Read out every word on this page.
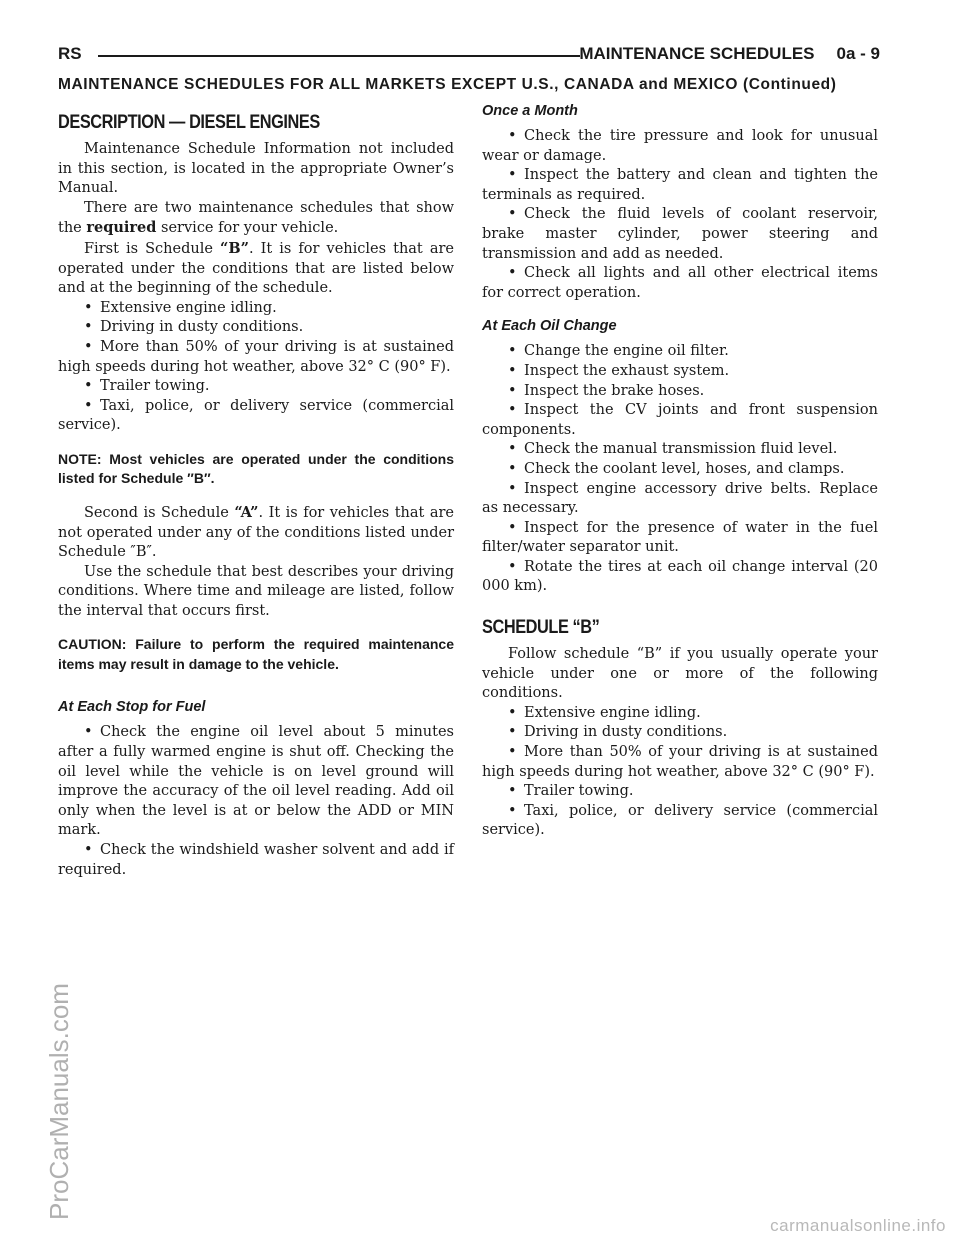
RS	MAINTENANCE SCHEDULES 0a - 9
MAINTENANCE SCHEDULES FOR ALL MARKETS EXCEPT U.S., CANADA and MEXICO (Continued)
DESCRIPTION — DIESEL ENGINES

Maintenance Schedule Information not included in this section, is located in the appropriate Owner’s Manual.

There are two maintenance schedules that show the required service for your vehicle.

First is Schedule “B”. It is for vehicles that are operated under the conditions that are listed below and at the beginning of the schedule.

• Extensive engine idling.

• Driving in dusty conditions.

• More than 50% of your driving is at sustained high speeds during hot weather, above 32° C (90° F).

• Trailer towing.

• Taxi, police, or delivery service (commercial service).

NOTE: Most vehicles are operated under the conditions listed for Schedule ″B″.

Second is Schedule “A”. It is for vehicles that are not operated under any of the conditions listed under Schedule ″B″.

Use the schedule that best describes your driving conditions. Where time and mileage are listed, follow the interval that occurs first.

CAUTION: Failure to perform the required maintenance items may result in damage to the vehicle.

At Each Stop for Fuel

• Check the engine oil level about 5 minutes after a fully warmed engine is shut off. Checking the oil level while the vehicle is on level ground will improve the accuracy of the oil level reading. Add oil only when the level is at or below the ADD or MIN mark.

• Check the windshield washer solvent and add if required.

Once a Month

• Check the tire pressure and look for unusual wear or damage.

• Inspect the battery and clean and tighten the terminals as required.

• Check the fluid levels of coolant reservoir, brake master cylinder, power steering and transmission and add as needed.

• Check all lights and all other electrical items for correct operation.

At Each Oil Change

• Change the engine oil filter.

• Inspect the exhaust system.

• Inspect the brake hoses.

• Inspect the CV joints and front suspension components.

• Check the manual transmission fluid level.

• Check the coolant level, hoses, and clamps.

• Inspect engine accessory drive belts. Replace as necessary.

• Inspect for the presence of water in the fuel filter/water separator unit.

• Rotate the tires at each oil change interval (20 000 km).

SCHEDULE “B”

Follow schedule “B” if you usually operate your vehicle under one or more of the following conditions.

• Extensive engine idling.

• Driving in dusty conditions.

• More than 50% of your driving is at sustained high speeds during hot weather, above 32° C (90° F).

• Trailer towing.

• Taxi, police, or delivery service (commercial service).

ProCarManuals.com
carmanualsonline.info
